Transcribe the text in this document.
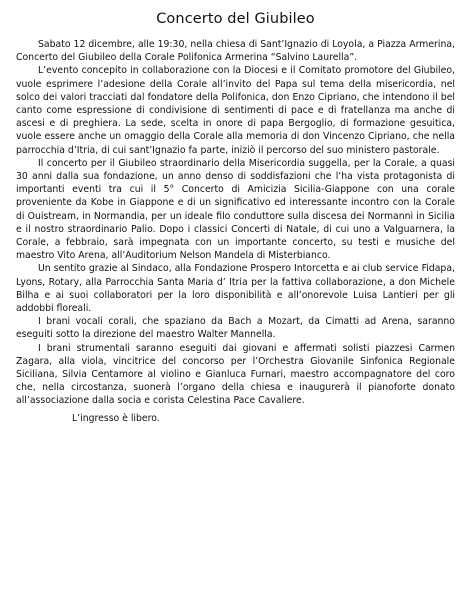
Concerto del Giubileo

Sabato 12 dicembre, alle 19:30, nella chiesa di Sant’Ignazio di Loyola, a Piazza Armerina, Concerto del Giubileo della Corale Polifonica Armerina “Salvino Laurella”.

L’evento concepito in collaborazione con la Diocesi e il Comitato promotore del Giubileo, vuole esprimere l’adesione della Corale all’invito del Papa sul tema della misericordia, nel solco dei valori tracciati dal fondatore della Polifonica, don Enzo Cipriano, che intendono il bel canto come espressione di condivisione di sentimenti di pace e di fratellanza ma anche di ascesi e di preghiera. La sede, scelta in onore di papa Bergoglio, di formazione gesuitica, vuole essere anche un omaggio della Corale alla memoria di don Vincenzo Cipriano, che nella parrocchia d’Itria, di cui sant’Ignazio fa parte, iniziò il percorso del suo ministero pastorale.

Il concerto per il Giubileo straordinario della Misericordia suggella, per la Corale, a quasi 30 anni dalla sua fondazione, un anno denso di soddisfazioni che l’ha vista protagonista di importanti eventi tra cui il 5° Concerto di Amicizia Sicilia-Giappone con una corale proveniente da Kobe in Giappone e di un significativo ed interessante incontro con la Corale di Ouistream, in Normandia, per un ideale filo conduttore sulla discesa dei Normanni in Sicilia e il nostro straordinario Palio. Dopo i classici Concerti di Natale, di cui uno a Valguarnera, la Corale, a febbraio, sarà impegnata con un importante concerto, su testi e musiche del maestro Vito Arena, all’Auditorium Nelson Mandela di Misterbianco.

Un sentito grazie al Sindaco, alla Fondazione Prospero Intorcetta e ai club service Fidapa, Lyons, Rotary, alla Parrocchia Santa Maria d’ Itria per la fattiva collaborazione, a don Michele Bilha e ai suoi collaboratori per la loro disponibilità e all’onorevole Luisa Lantieri per gli addobbi floreali.

I brani vocali corali, che spaziano da Bach a Mozart, da Cimatti ad Arena, saranno eseguiti sotto la direzione del maestro Walter Mannella.

I brani strumentali saranno eseguiti dai giovani e affermati solisti piazzesi Carmen Zagara, alla viola, vincitrice del concorso per l’Orchestra Giovanile Sinfonica Regionale Siciliana, Silvia Centamore al violino e Gianluca Furnari, maestro accompagnatore del coro che, nella circostanza, suonerà l’organo della chiesa e inaugurerà il pianoforte donato all’associazione dalla socia e corista Celestina Pace Cavaliere.

L’ingresso è libero.
